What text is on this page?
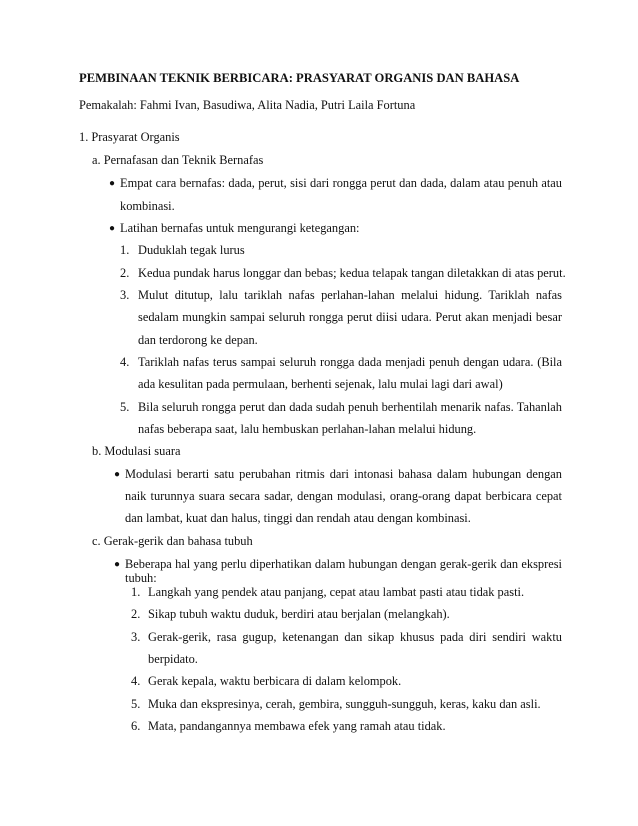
PEMBINAAN TEKNIK BERBICARA: PRASYARAT ORGANIS DAN BAHASA
Pemakalah: Fahmi Ivan, Basudiwa, Alita Nadia, Putri Laila Fortuna
1. Prasyarat Organis
a. Pernafasan dan Teknik Bernafas
● Empat cara bernafas: dada, perut, sisi dari rongga perut dan dada, dalam atau penuh atau
kombinasi.
● Latihan bernafas untuk mengurangi ketegangan:
1. Duduklah tegak lurus
2. Kedua pundak harus longgar dan bebas; kedua telapak tangan diletakkan di atas perut.
3. Mulut ditutup, lalu tariklah nafas perlahan-lahan melalui hidung. Tariklah nafas
sedalam mungkin sampai seluruh rongga perut diisi udara. Perut akan menjadi besar
dan terdorong ke depan.
4. Tariklah nafas terus sampai seluruh rongga dada menjadi penuh dengan udara. (Bila
ada kesulitan pada permulaan, berhenti sejenak, lalu mulai lagi dari awal)
5. Bila seluruh rongga perut dan dada sudah penuh berhentilah menarik nafas. Tahanlah
nafas beberapa saat, lalu hembuskan perlahan-lahan melalui hidung.
b. Modulasi suara
● Modulasi berarti satu perubahan ritmis dari intonasi bahasa dalam hubungan dengan
naik turunnya suara secara sadar, dengan modulasi, orang-orang dapat berbicara cepat
dan lambat, kuat dan halus, tinggi dan rendah atau dengan kombinasi.
c. Gerak-gerik dan bahasa tubuh
● Beberapa hal yang perlu diperhatikan dalam hubungan dengan gerak-gerik dan ekspresi
tubuh:
1. Langkah yang pendek atau panjang, cepat atau lambat pasti atau tidak pasti.
2. Sikap tubuh waktu duduk, berdiri atau berjalan (melangkah).
3. Gerak-gerik, rasa gugup, ketenangan dan sikap khusus pada diri sendiri waktu
berpidato.
4. Gerak kepala, waktu berbicara di dalam kelompok.
5. Muka dan ekspresinya, cerah, gembira, sungguh-sungguh, keras, kaku dan asli.
6. Mata, pandangannya membawa efek yang ramah atau tidak.
